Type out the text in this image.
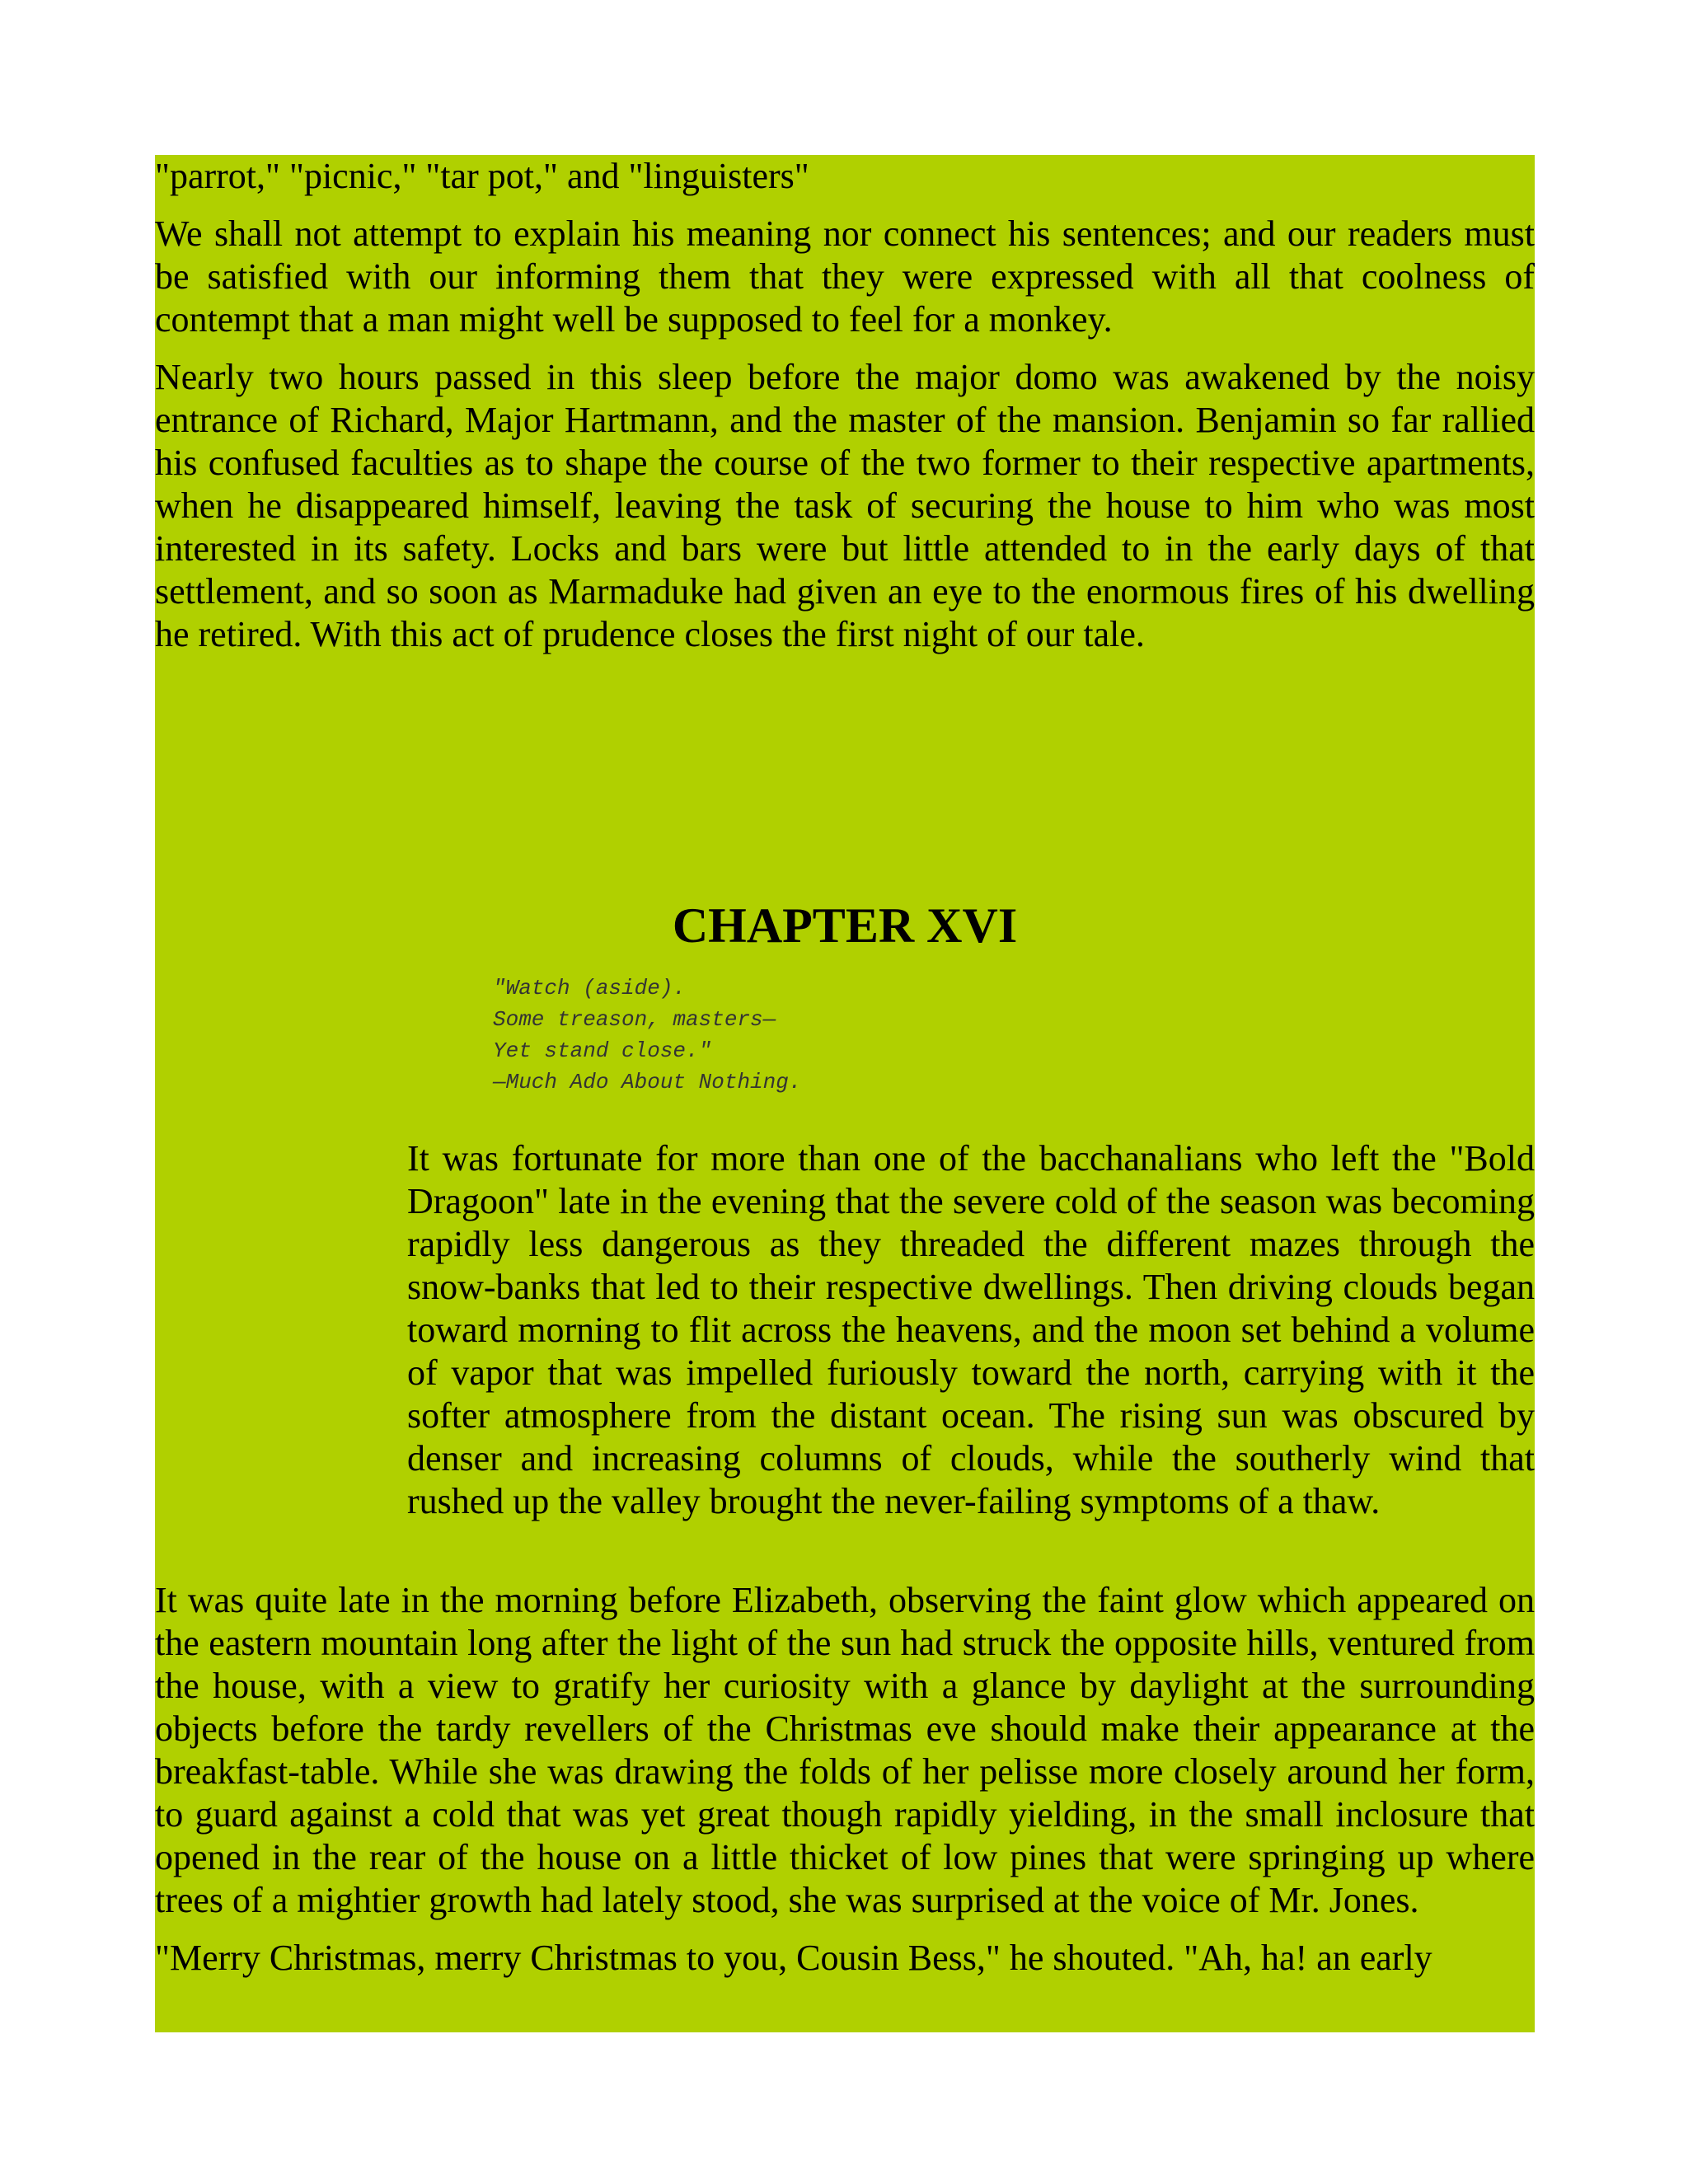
"parrot," "picnic," "tar pot," and "linguisters"

We shall not attempt to explain his meaning nor connect his sentences; and our readers must be satisfied with our informing them that they were expressed with all that coolness of contempt that a man might well be supposed to feel for a monkey.

Nearly two hours passed in this sleep before the major domo was awakened by the noisy entrance of Richard, Major Hartmann, and the master of the mansion. Benjamin so far rallied his confused faculties as to shape the course of the two former to their respective apartments, when he disappeared himself, leaving the task of securing the house to him who was most interested in its safety. Locks and bars were but little attended to in the early days of that settlement, and so soon as Marmaduke had given an eye to the enormous fires of his dwelling he retired. With this act of prudence closes the first night of our tale.

CHAPTER XVI
"Watch (aside).
Some treason, masters—
Yet stand close."
—Much Ado About Nothing.

It was fortunate for more than one of the bacchanalians who left the "Bold Dragoon" late in the evening that the severe cold of the season was becoming rapidly less dangerous as they threaded the different mazes through the snow-banks that led to their respective dwellings. Then driving clouds began toward morning to flit across the heavens, and the moon set behind a volume of vapor that was impelled furiously toward the north, carrying with it the softer atmosphere from the distant ocean. The rising sun was obscured by denser and increasing columns of clouds, while the southerly wind that rushed up the valley brought the never-failing symptoms of a thaw.

It was quite late in the morning before Elizabeth, observing the faint glow which appeared on the eastern mountain long after the light of the sun had struck the opposite hills, ventured from the house, with a view to gratify her curiosity with a glance by daylight at the surrounding objects before the tardy revellers of the Christmas eve should make their appearance at the breakfast-table. While she was drawing the folds of her pelisse more closely around her form, to guard against a cold that was yet great though rapidly yielding, in the small inclosure that opened in the rear of the house on a little thicket of low pines that were springing up where trees of a mightier growth had lately stood, she was surprised at the voice of Mr. Jones.

"Merry Christmas, merry Christmas to you, Cousin Bess," he shouted. "Ah, ha! an early
